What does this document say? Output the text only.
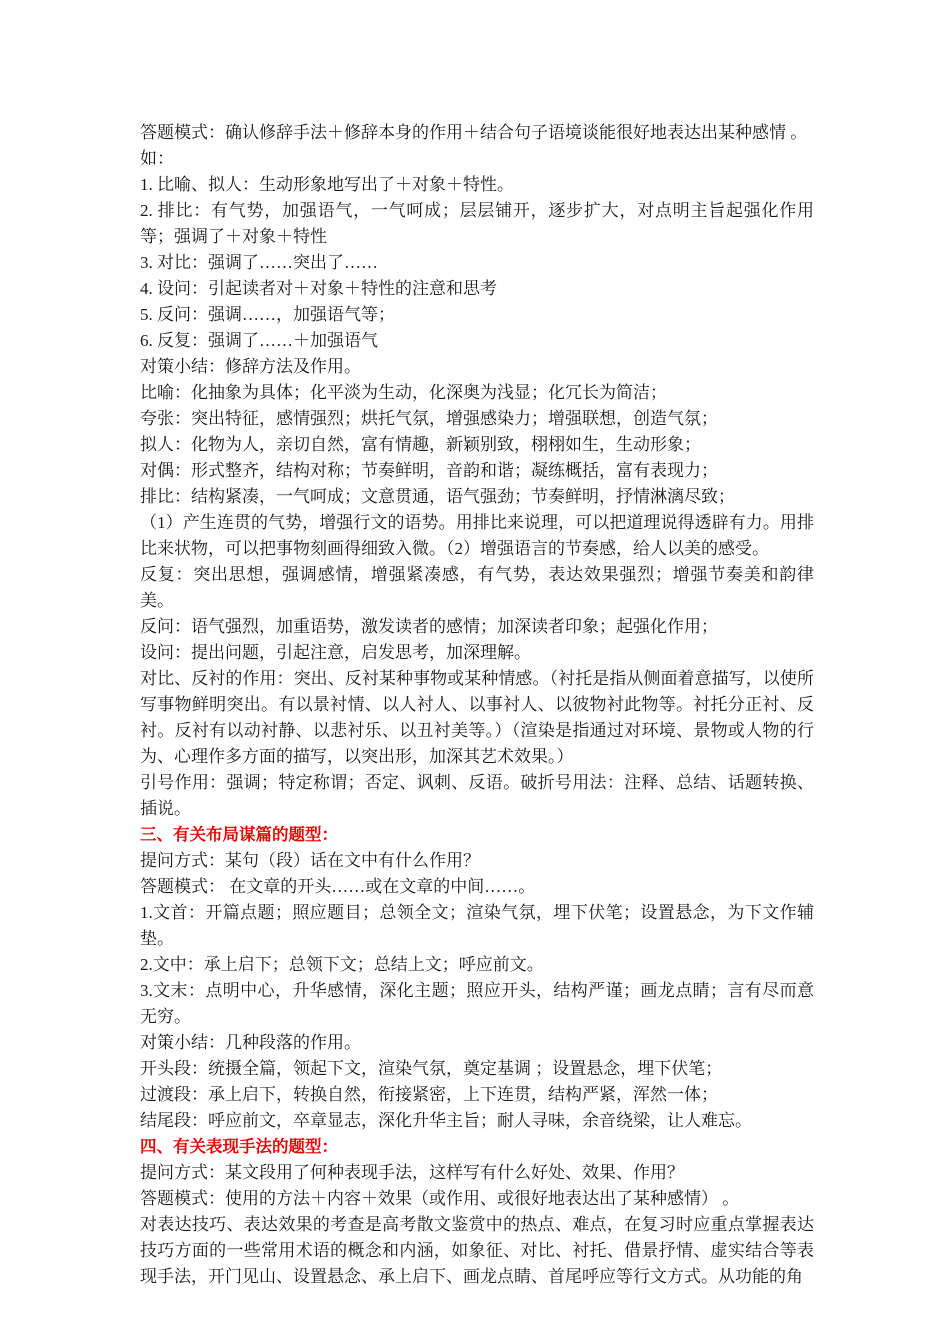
答题模式：确认修辞手法＋修辞本身的作用＋结合句子语境谈能很好地表达出某种感情 。

如：

1. 比喻、拟人：生动形象地写出了＋对象＋特性。

2. 排比：有气势，加强语气，一气呵成；层层铺开，逐步扩大，对点明主旨起强化作用等；强调了＋对象＋特性

3. 对比：强调了……突出了……

4. 设问：引起读者对＋对象＋特性的注意和思考

5. 反问：强调……，加强语气等；

6. 反复：强调了……＋加强语气

对策小结：修辞方法及作用。

比喻：化抽象为具体；化平淡为生动，化深奥为浅显；化冗长为简洁；

夸张：突出特征，感情强烈；烘托气氛，增强感染力；增强联想，创造气氛；

拟人：化物为人，亲切自然，富有情趣，新颖别致，栩栩如生，生动形象；

对偶：形式整齐，结构对称；节奏鲜明，音韵和谐；凝练概括，富有表现力；

排比：结构紧凑，一气呵成；文意贯通，语气强劲；节奏鲜明，抒情淋漓尽致；

（1）产生连贯的气势，增强行文的语势。用排比来说理，可以把道理说得透辟有力。用排比来状物，可以把事物刻画得细致入微。（2）增强语言的节奏感，给人以美的感受。

反复：突出思想，强调感情，增强紧凑感，有气势，表达效果强烈；增强节奏美和韵律美。

反问：语气强烈，加重语势，激发读者的感情；加深读者印象；起强化作用；

设问：提出问题，引起注意，启发思考，加深理解。

对比、反衬的作用：突出、反衬某种事物或某种情感。（衬托是指从侧面着意描写，以使所写事物鲜明突出。有以景衬情、以人衬人、以事衬人、以彼物衬此物等。衬托分正衬、反衬。反衬有以动衬静、以悲衬乐、以丑衬美等。）（渲染是指通过对环境、景物或人物的行为、心理作多方面的描写，以突出形，加深其艺术效果。）

引号作用：强调；特定称谓；否定、讽刺、反语。破折号用法：注释、总结、话题转换、插说。

三、有关布局谋篇的题型：

提问方式：某句（段）话在文中有什么作用？

答题模式： 在文章的开头……或在文章的中间……。

1.文首：开篇点题；照应题目；总领全文；渲染气氛，埋下伏笔；设置悬念，为下文作辅垫。

2.文中：承上启下；总领下文；总结上文；呼应前文。

3.文末：点明中心，升华感情，深化主题；照应开头，结构严谨；画龙点睛；言有尽而意无穷。

对策小结：几种段落的作用。

开头段：统摄全篇，领起下文，渲染气氛，奠定基调 ；设置悬念，埋下伏笔；

过渡段：承上启下，转换自然，衔接紧密，上下连贯，结构严紧，浑然一体；

结尾段：呼应前文，卒章显志，深化升华主旨；耐人寻味，余音绕梁，让人难忘。

四、有关表现手法的题型：

提问方式：某文段用了何种表现手法，这样写有什么好处、效果、作用？

答题模式：使用的方法＋内容＋效果（或作用、或很好地表达出了某种感情） 。

对表达技巧、表达效果的考查是高考散文鉴赏中的热点、难点，在复习时应重点掌握表达技巧方面的一些常用术语的概念和内涵，如象征、对比、衬托、借景抒情、虚实结合等表现手法，开门见山、设置悬念、承上启下、画龙点睛、首尾呼应等行文方式。从功能的角
